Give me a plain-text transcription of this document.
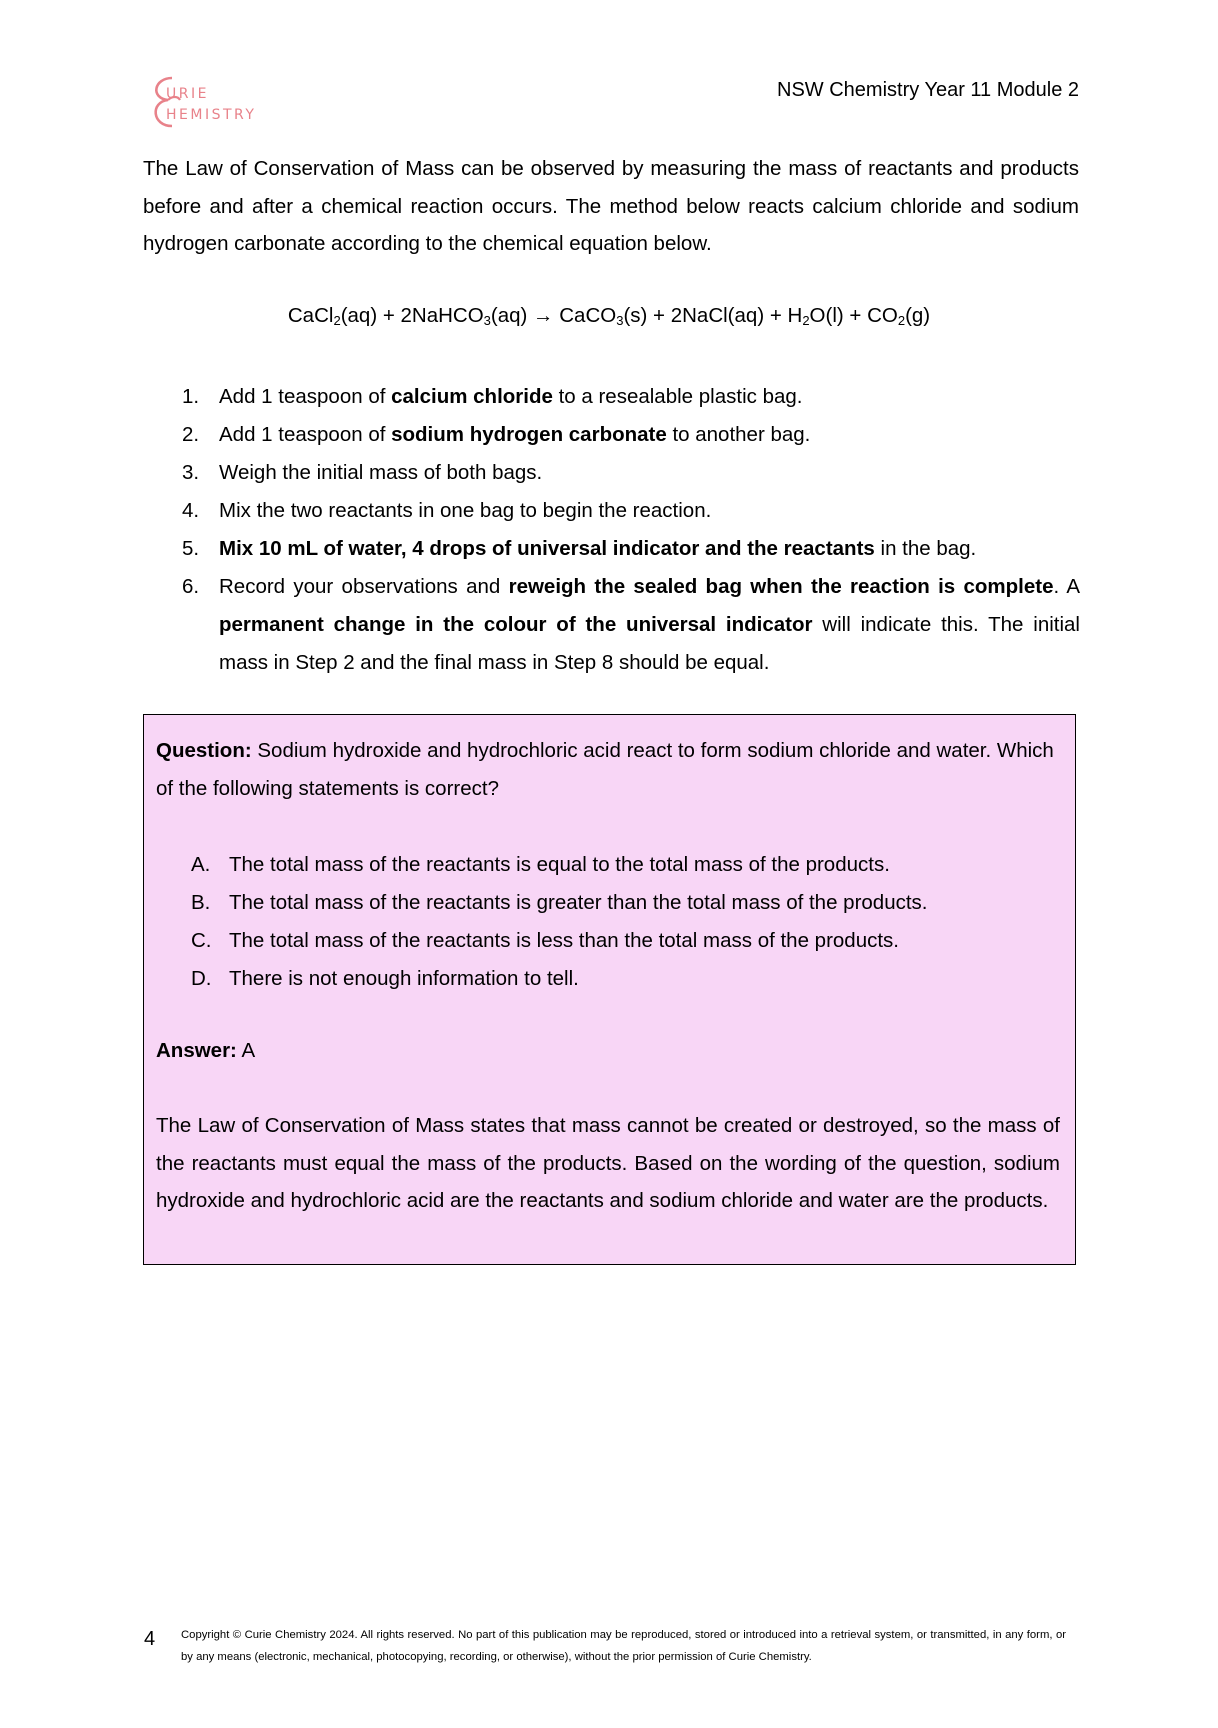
URIE
HEMISTRY
NSW Chemistry Year 11 Module 2

The Law of Conservation of Mass can be observed by measuring the mass of reactants and products before and after a chemical reaction occurs. The method below reacts calcium chloride and sodium hydrogen carbonate according to the chemical equation below.

CaCl$_2$(aq) + 2NaHCO$_3$(aq) → CaCO$_3$(s) + 2NaCl(aq) + $H_2O(l) + CO_2(g)$
1. Add 1 teaspoon of calcium chloride to a resealable plastic bag.
2. Add 1 teaspoon of sodium hydrogen carbonate to another bag.
3. Weigh the initial mass of both bags.
4. Mix the two reactants in one bag to begin the reaction.
5. Mix 10 mL of water, 4 drops of universal indicator and the reactants in the bag.
6. Record your observations and reweigh the sealed bag when the reaction is complete. A permanent change in the colour of the universal indicator will indicate this. The initial mass in Step 2 and the final mass in Step 8 should be equal.

Question: Sodium hydroxide and hydrochloric acid react to form sodium chloride and water. Which of the following statements is correct?

A. The total mass of the reactants is equal to the total mass of the products.
B. The total mass of the reactants is greater than the total mass of the products.
C. The total mass of the reactants is less than the total mass of the products.
D. There is not enough information to tell.

Answer: A

The Law of Conservation of Mass states that mass cannot be created or destroyed, so the mass of the reactants must equal the mass of the products. Based on the wording of the question, sodium hydroxide and hydrochloric acid are the reactants and sodium chloride and water are the products.

4 Copyright © Curie Chemistry 2024. All rights reserved. No part of this publication may be reproduced, stored or introduced into a retrieval system, or transmitted, in any form, or by any means (electronic, mechanical, photocopying, recording, or otherwise), without the prior permission of Curie Chemistry.
